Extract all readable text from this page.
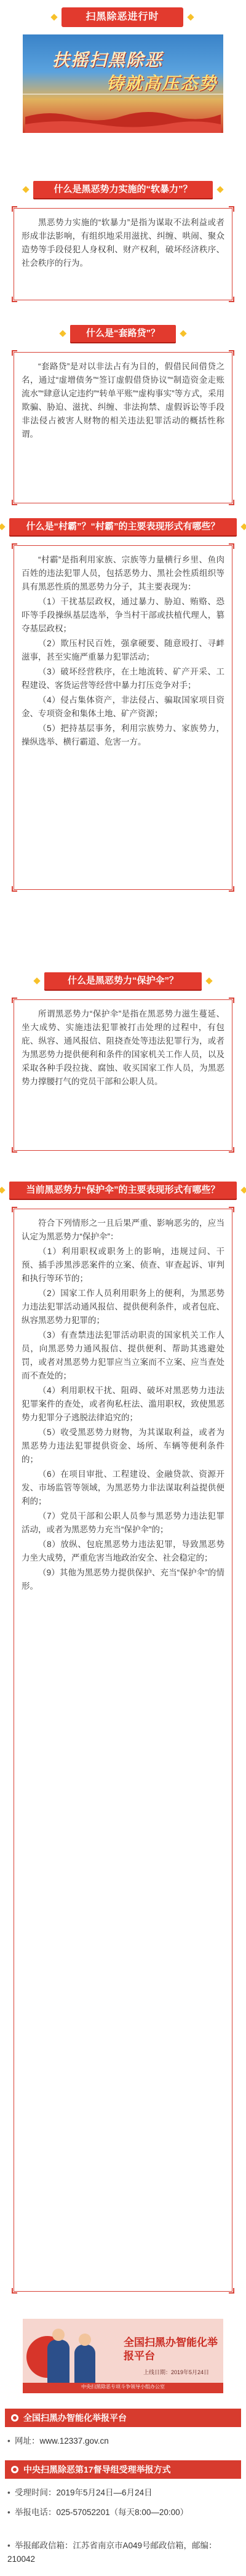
扫黑除恶进行时
扶摇扫黑除恶
铸就高压态势
什么是黑恶势力实施的“软暴力”？

黑恶势力实施的“软暴力”是指为谋取不法利益或者形成非法影响，有组织地采用滋扰、纠缠、哄闹、聚众造势等手段侵犯人身权利、财产权利，破坏经济秩序、社会秩序的行为。

什么是“套路贷”？

“套路贷”是对以非法占有为目的，假借民间借贷之名，通过“虚增债务”“签订虚假借贷协议”“制造资金走账流水”“肆意认定违约”“转单平账”“虚构事实”等方式，采用欺骗、胁迫、滋扰、纠缠、非法拘禁、虚假诉讼等手段非法侵占被害人财物的相关违法犯罪活动的概括性称谓。

什么是“村霸”？“村霸”的主要表现形式有哪些？

“村霸”是指利用家族、宗族等力量横行乡里、鱼肉百姓的违法犯罪人员，包括恶势力、黑社会性质组织等具有黑恶性质的黑恶势力分子，其主要表现为：

（1）干扰基层政权，通过暴力、胁迫、贿赂、恐吓等手段操纵基层选举，争当村干部或扶植代理人，篡夺基层政权；

（2）欺压村民百姓，强拿硬要、随意殴打、寻衅滋事，甚至实施严重暴力犯罪活动；

（3）破坏经营秩序，在土地流转、矿产开采、工程建设、客货运营等经营中暴力打压竞争对手；

（4）侵占集体资产，非法侵占、骗取国家项目资金、专项资金和集体土地、矿产资源；

（5）把持基层事务，利用宗族势力、家族势力，操纵选举、横行霸道、危害一方。

什么是黑恶势力“保护伞”？

所谓黑恶势力“保护伞”是指在黑恶势力滋生蔓延、坐大成势、实施违法犯罪被打击处理的过程中，有包庇、纵容、通风报信、阻挠查处等违法犯罪行为，或者为黑恶势力提供便利和条件的国家机关工作人员，以及采取各种手段拉拢、腐蚀、收买国家工作人员，为黑恶势力撑腰打气的党员干部和公职人员。

当前黑恶势力“保护伞”的主要表现形式有哪些？

符合下列情形之一且后果严重、影响恶劣的，应当认定为黑恶势力“保护伞”：

（1）利用职权或职务上的影响，违规过问、干预、插手涉黑涉恶案件的立案、侦查、审查起诉、审判和执行等环节的；

（2）国家工作人员利用职务上的便利，为黑恶势力违法犯罪活动通风报信、提供便利条件，或者包庇、纵容黑恶势力犯罪的；

（3）有查禁违法犯罪活动职责的国家机关工作人员，向黑恶势力通风报信、提供便利、帮助其逃避处罚，或者对黑恶势力犯罪应当立案而不立案、应当查处而不查处的；

（4）利用职权干扰、阻碍、破坏对黑恶势力违法犯罪案件的查处，或者徇私枉法、滥用职权，致使黑恶势力犯罪分子逃脱法律追究的；

（5）收受黑恶势力财物，为其谋取利益，或者为黑恶势力违法犯罪提供资金、场所、车辆等便利条件的；

（6）在项目审批、工程建设、金融贷款、资源开发、市场监管等领域，为黑恶势力非法谋取利益提供便利的；

（7）党员干部和公职人员参与黑恶势力违法犯罪活动，或者为黑恶势力充当“保护伞”的；

（8）放纵、包庇黑恶势力违法犯罪，导致黑恶势力坐大成势，严重危害当地政治安全、社会稳定的；

（9）其他为黑恶势力提供保护、充当“保护伞”的情形。

全国扫黑办智能化举报平台
上线日期：2019年5月24日
中央扫黑除恶专项斗争领导小组办公室
全国扫黑办智能化举报平台
• 网址：www.12337.gov.cn
中央扫黑除恶第17督导组受理举报方式
• 受理时间：2019年5月24日—6月24日
• 举报电话：025-57052201（每天8:00—20:00）
• 举报邮政信箱：江苏省南京市A049号邮政信箱，邮编：210042
